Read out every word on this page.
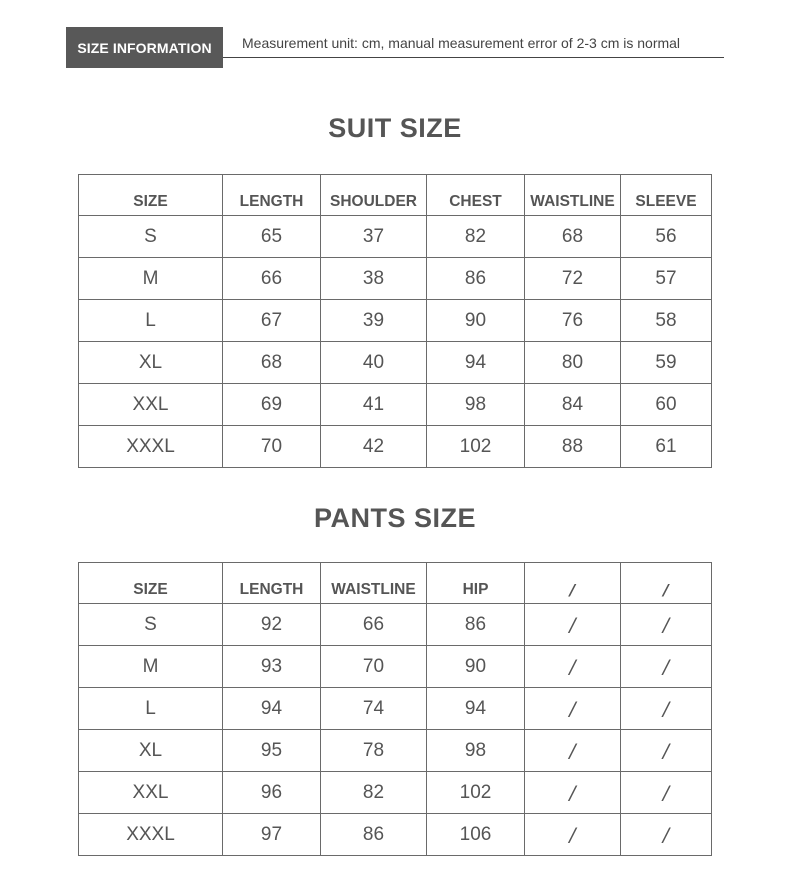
SIZE INFORMATION	Measurement unit: cm, manual measurement error of 2-3 cm is normal
SUIT SIZE
SIZE	LENGTH	SHOULDER	CHEST	WAISTLINE	SLEEVE
S	65	37	82	68	56
M	66	38	86	72	57
L	67	39	90	76	58
XL	68	40	94	80	59
XXL	69	41	98	84	60
XXXL	70	42	102	88	61
PANTS SIZE
SIZE	LENGTH	WAISTLINE	HIP	/	/
S	92	66	86	/	/
M	93	70	90	/	/
L	94	74	94	/	/
XL	95	78	98	/	/
XXL	96	82	102	/	/
XXXL	97	86	106	/	/
